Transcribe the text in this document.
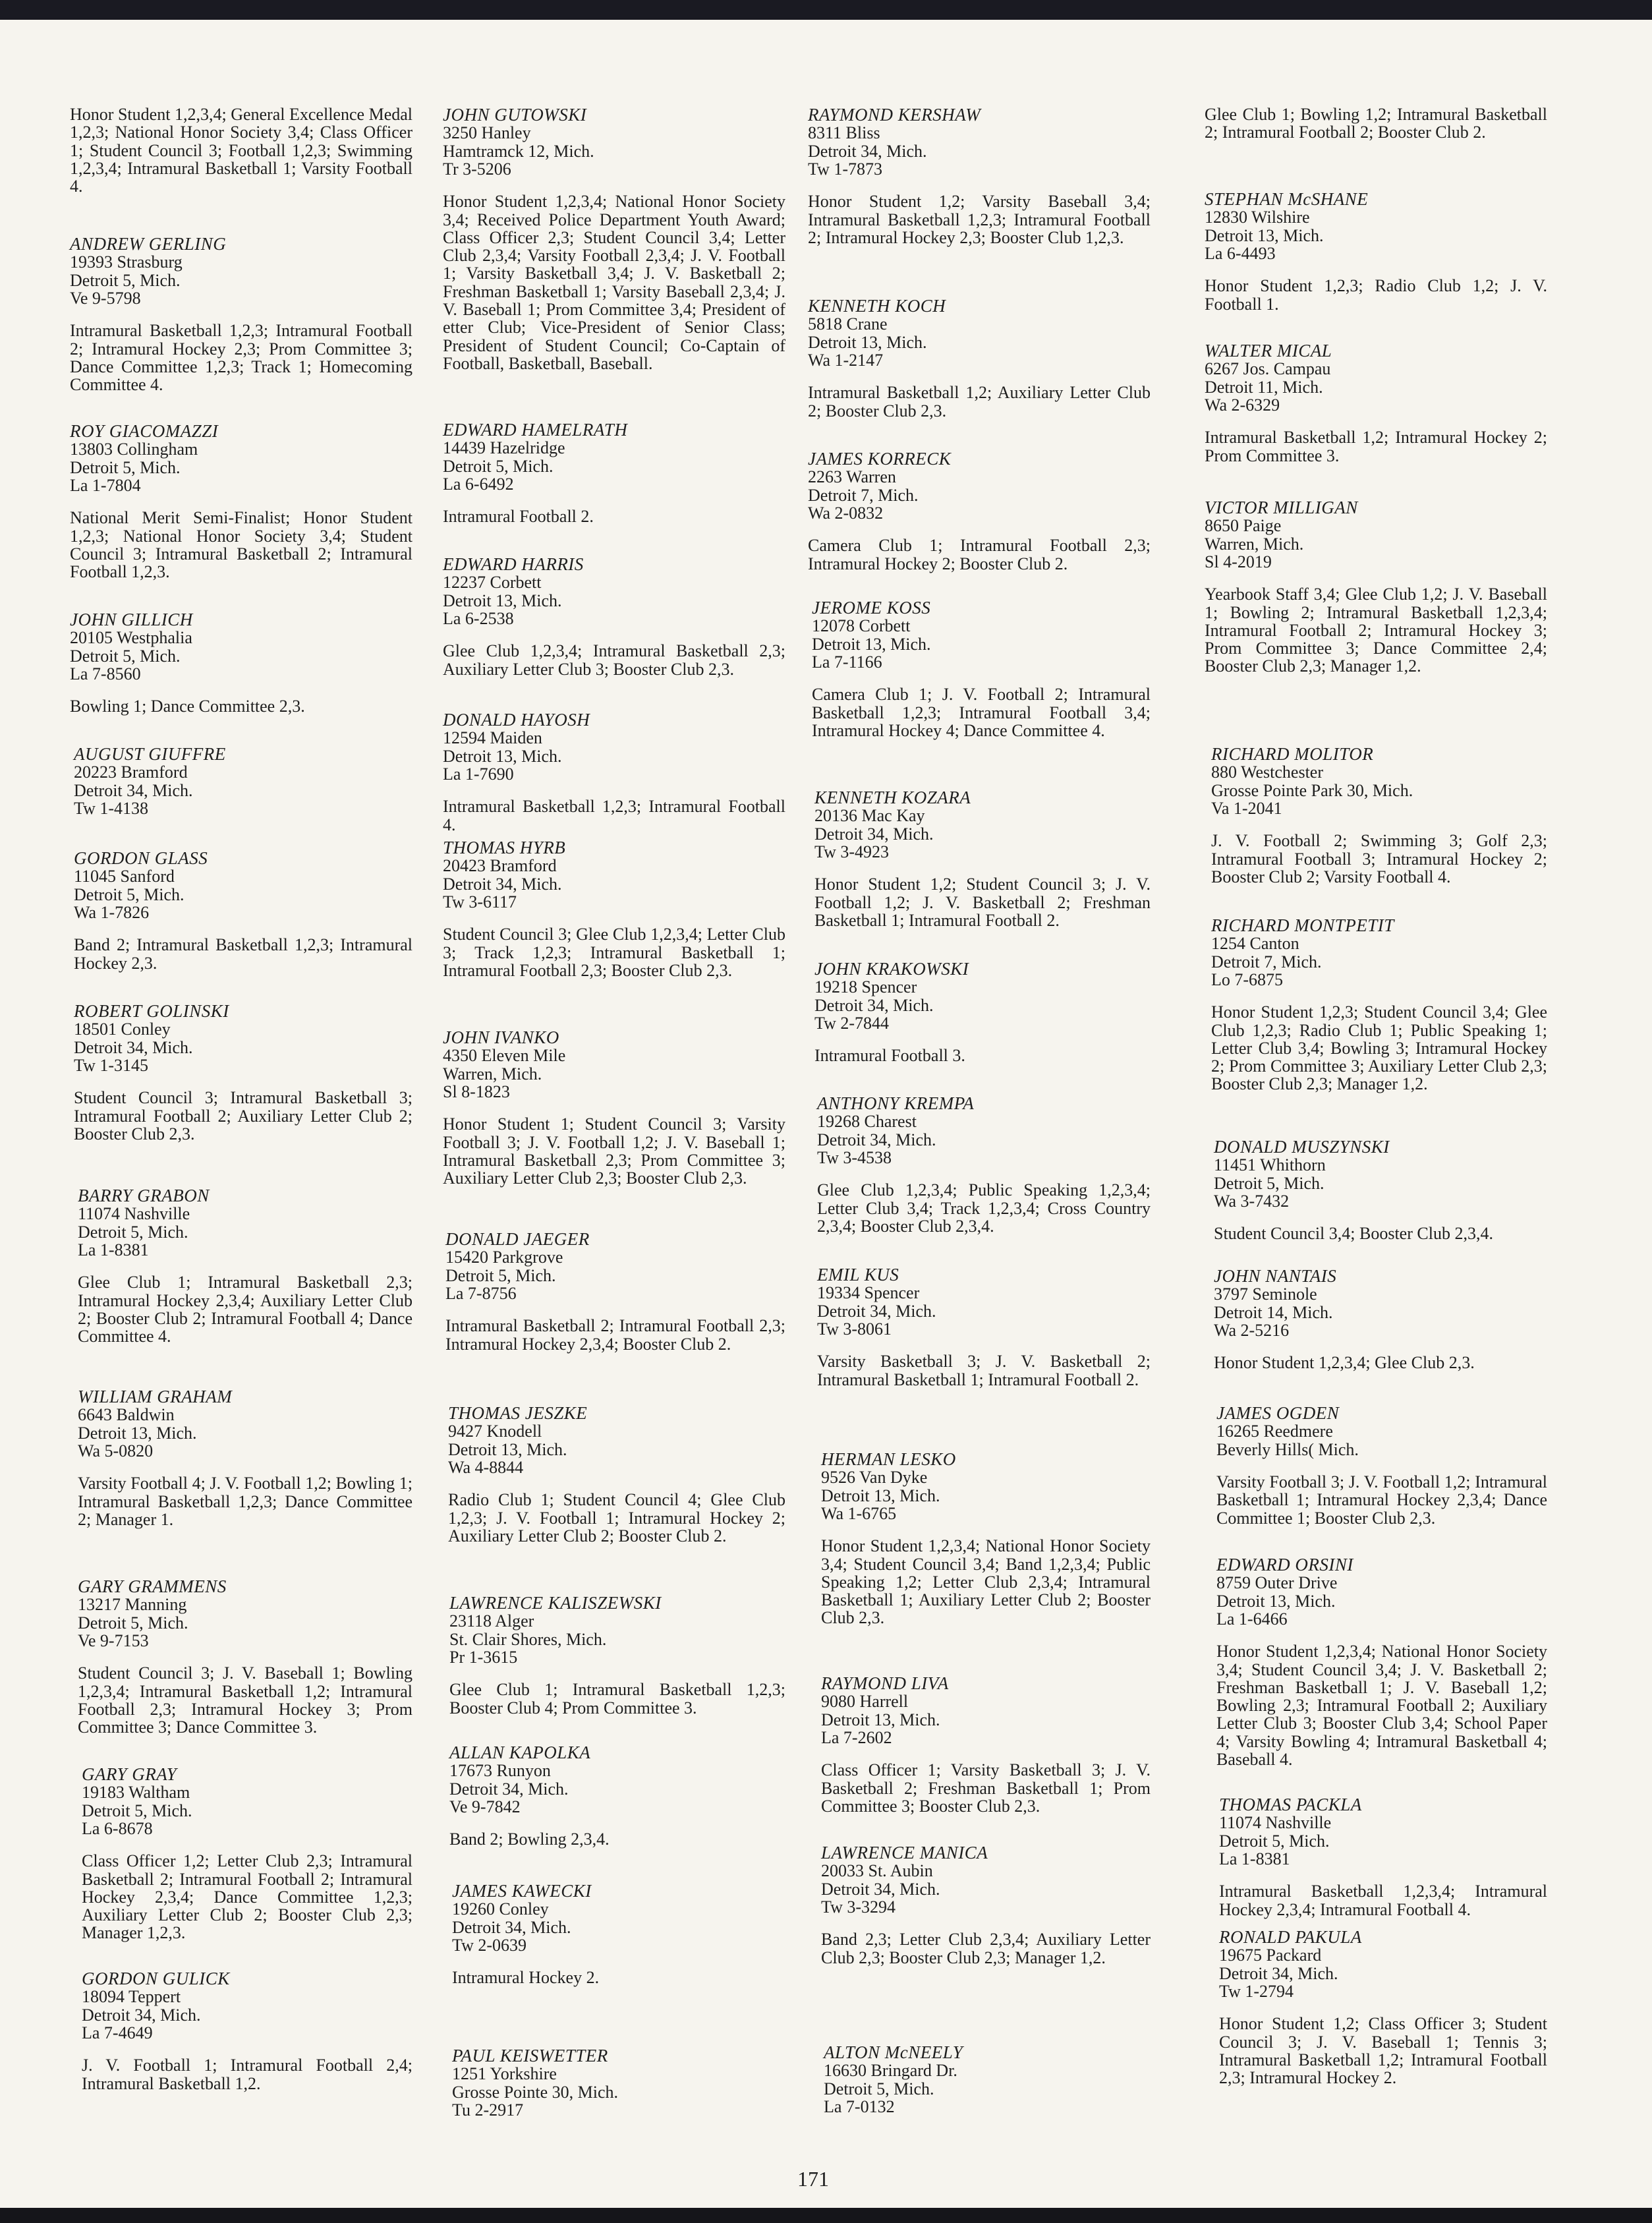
Honor Student 1,2,3,4; General Excellence Medal 1,2,3; National Honor Society 3,4; Class Officer 1; Student Council 3; Football 1,2,3; Swimming 1,2,3,4; Intramural Basketball 1; Varsity Football 4.

ANDREW GERLING

19393 Strasburg

Detroit 5, Mich.

Ve 9-5798

Intramural Basketball 1,2,3; Intramural Football 2; Intramural Hockey 2,3; Prom Committee 3; Dance Committee 1,2,3; Track 1; Homecoming Committee 4.

ROY GIACOMAZZI

13803 Collingham

Detroit 5, Mich.

La 1-7804

National Merit Semi-Finalist; Honor Student 1,2,3; National Honor Society 3,4; Student Council 3; Intramural Basketball 2; Intramural Football 1,2,3.

JOHN GILLICH

20105 Westphalia

Detroit 5, Mich.

La 7-8560

Bowling 1; Dance Committee 2,3.

AUGUST GIUFFRE

20223 Bramford

Detroit 34, Mich.

Tw 1-4138

GORDON GLASS

11045 Sanford

Detroit 5, Mich.

Wa 1-7826

Band 2; Intramural Basketball 1,2,3; Intramural Hockey 2,3.

ROBERT GOLINSKI

18501 Conley

Detroit 34, Mich.

Tw 1-3145

Student Council 3; Intramural Basketball 3; Intramural Football 2; Auxiliary Letter Club 2; Booster Club 2,3.

BARRY GRABON

11074 Nashville

Detroit 5, Mich.

La 1-8381

Glee Club 1; Intramural Basketball 2,3; Intramural Hockey 2,3,4; Auxiliary Letter Club 2; Booster Club 2; Intramural Football 4; Dance Committee 4.

WILLIAM GRAHAM

6643 Baldwin

Detroit 13, Mich.

Wa 5-0820

Varsity Football 4; J. V. Football 1,2; Bowling 1; Intramural Basketball 1,2,3; Dance Committee 2; Manager 1.

GARY GRAMMENS

13217 Manning

Detroit 5, Mich.

Ve 9-7153

Student Council 3; J. V. Baseball 1; Bowling 1,2,3,4; Intramural Basketball 1,2; Intramural Football 2,3; Intramural Hockey 3; Prom Committee 3; Dance Committee 3.

GARY GRAY

19183 Waltham

Detroit 5, Mich.

La 6-8678

Class Officer 1,2; Letter Club 2,3; Intramural Basketball 2; Intramural Football 2; Intramural Hockey 2,3,4; Dance Committee 1,2,3; Auxiliary Letter Club 2; Booster Club 2,3; Manager 1,2,3.

GORDON GULICK

18094 Teppert

Detroit 34, Mich.

La 7-4649

J. V. Football 1; Intramural Football 2,4; Intramural Basketball 1,2.

JOHN GUTOWSKI

3250 Hanley

Hamtramck 12, Mich.

Tr 3-5206

Honor Student 1,2,3,4; National Honor Society 3,4; Received Police Department Youth Award; Class Officer 2,3; Student Council 3,4; Letter Club 2,3,4; Varsity Football 2,3,4; J. V. Football 1; Varsity Basketball 3,4; J. V. Basketball 2; Freshman Basketball 1; Varsity Baseball 2,3,4; J. V. Baseball 1; Prom Committee 3,4; President of etter Club; Vice-President of Senior Class; President of Student Council; Co-Captain of Football, Basketball, Baseball.

EDWARD HAMELRATH

14439 Hazelridge

Detroit 5, Mich.

La 6-6492

Intramural Football 2.

EDWARD HARRIS

12237 Corbett

Detroit 13, Mich.

La 6-2538

Glee Club 1,2,3,4; Intramural Basketball 2,3; Auxiliary Letter Club 3; Booster Club 2,3.

DONALD HAYOSH

12594 Maiden

Detroit 13, Mich.

La 1-7690

Intramural Basketball 1,2,3; Intramural Football 4.

THOMAS HYRB

20423 Bramford

Detroit 34, Mich.

Tw 3-6117

Student Council 3; Glee Club 1,2,3,4; Letter Club 3; Track 1,2,3; Intramural Basketball 1; Intramural Football 2,3; Booster Club 2,3.

JOHN IVANKO

4350 Eleven Mile

Warren, Mich.

Sl 8-1823

Honor Student 1; Student Council 3; Varsity Football 3; J. V. Football 1,2; J. V. Baseball 1; Intramural Basketball 2,3; Prom Committee 3; Auxiliary Letter Club 2,3; Booster Club 2,3.

DONALD JAEGER

15420 Parkgrove

Detroit 5, Mich.

La 7-8756

Intramural Basketball 2; Intramural Football 2,3; Intramural Hockey 2,3,4; Booster Club 2.

THOMAS JESZKE

9427 Knodell

Detroit 13, Mich.

Wa 4-8844

Radio Club 1; Student Council 4; Glee Club 1,2,3; J. V. Football 1; Intramural Hockey 2; Auxiliary Letter Club 2; Booster Club 2.

LAWRENCE KALISZEWSKI

23118 Alger

St. Clair Shores, Mich.

Pr 1-3615

Glee Club 1; Intramural Basketball 1,2,3; Booster Club 4; Prom Committee 3.

ALLAN KAPOLKA

17673 Runyon

Detroit 34, Mich.

Ve 9-7842

Band 2; Bowling 2,3,4.

JAMES KAWECKI

19260 Conley

Detroit 34, Mich.

Tw 2-0639

Intramural Hockey 2.

PAUL KEISWETTER

1251 Yorkshire

Grosse Pointe 30, Mich.

Tu 2-2917

RAYMOND KERSHAW

8311 Bliss

Detroit 34, Mich.

Tw 1-7873

Honor Student 1,2; Varsity Baseball 3,4; Intramural Basketball 1,2,3; Intramural Football 2; Intramural Hockey 2,3; Booster Club 1,2,3.

KENNETH KOCH

5818 Crane

Detroit 13, Mich.

Wa 1-2147

Intramural Basketball 1,2; Auxiliary Letter Club 2; Booster Club 2,3.

JAMES KORRECK

2263 Warren

Detroit 7, Mich.

Wa 2-0832

Camera Club 1; Intramural Football 2,3; Intramural Hockey 2; Booster Club 2.

JEROME KOSS

12078 Corbett

Detroit 13, Mich.

La 7-1166

Camera Club 1; J. V. Football 2; Intramural Basketball 1,2,3; Intramural Football 3,4; Intramural Hockey 4; Dance Committee 4.

KENNETH KOZARA

20136 Mac Kay

Detroit 34, Mich.

Tw 3-4923

Honor Student 1,2; Student Council 3; J. V. Football 1,2; J. V. Basketball 2; Freshman Basketball 1; Intramural Football 2.

JOHN KRAKOWSKI

19218 Spencer

Detroit 34, Mich.

Tw 2-7844

Intramural Football 3.

ANTHONY KREMPA

19268 Charest

Detroit 34, Mich.

Tw 3-4538

Glee Club 1,2,3,4; Public Speaking 1,2,3,4; Letter Club 3,4; Track 1,2,3,4; Cross Country 2,3,4; Booster Club 2,3,4.

EMIL KUS

19334 Spencer

Detroit 34, Mich.

Tw 3-8061

Varsity Basketball 3; J. V. Basketball 2; Intramural Basketball 1; Intramural Football 2.

HERMAN LESKO

9526 Van Dyke

Detroit 13, Mich.

Wa 1-6765

Honor Student 1,2,3,4; National Honor Society 3,4; Student Council 3,4; Band 1,2,3,4; Public Speaking 1,2; Letter Club 2,3,4; Intramural Basketball 1; Auxiliary Letter Club 2; Booster Club 2,3.

RAYMOND LIVA

9080 Harrell

Detroit 13, Mich.

La 7-2602

Class Officer 1; Varsity Basketball 3; J. V. Basketball 2; Freshman Basketball 1; Prom Committee 3; Booster Club 2,3.

LAWRENCE MANICA

20033 St. Aubin

Detroit 34, Mich.

Tw 3-3294

Band 2,3; Letter Club 2,3,4; Auxiliary Letter Club 2,3; Booster Club 2,3; Manager 1,2.

ALTON McNEELY

16630 Bringard Dr.

Detroit 5, Mich.

La 7-0132

Glee Club 1; Bowling 1,2; Intramural Basketball 2; Intramural Football 2; Booster Club 2.

STEPHAN McSHANE

12830 Wilshire

Detroit 13, Mich.

La 6-4493

Honor Student 1,2,3; Radio Club 1,2; J. V. Football 1.

WALTER MICAL

6267 Jos. Campau

Detroit 11, Mich.

Wa 2-6329

Intramural Basketball 1,2; Intramural Hockey 2; Prom Committee 3.

VICTOR MILLIGAN

8650 Paige

Warren, Mich.

Sl 4-2019

Yearbook Staff 3,4; Glee Club 1,2; J. V. Baseball 1; Bowling 2; Intramural Basketball 1,2,3,4; Intramural Football 2; Intramural Hockey 3; Prom Committee 3; Dance Committee 2,4; Booster Club 2,3; Manager 1,2.

RICHARD MOLITOR

880 Westchester

Grosse Pointe Park 30, Mich.

Va 1-2041

J. V. Football 2; Swimming 3; Golf 2,3; Intramural Football 3; Intramural Hockey 2; Booster Club 2; Varsity Football 4.

RICHARD MONTPETIT

1254 Canton

Detroit 7, Mich.

Lo 7-6875

Honor Student 1,2,3; Student Council 3,4; Glee Club 1,2,3; Radio Club 1; Public Speaking 1; Letter Club 3,4; Bowling 3; Intramural Hockey 2; Prom Committee 3; Auxiliary Letter Club 2,3; Booster Club 2,3; Manager 1,2.

DONALD MUSZYNSKI

11451 Whithorn

Detroit 5, Mich.

Wa 3-7432

Student Council 3,4; Booster Club 2,3,4.

JOHN NANTAIS

3797 Seminole

Detroit 14, Mich.

Wa 2-5216

Honor Student 1,2,3,4; Glee Club 2,3.

JAMES OGDEN

16265 Reedmere

Beverly Hills( Mich.

Varsity Football 3; J. V. Football 1,2; Intramural Basketball 1; Intramural Hockey 2,3,4; Dance Committee 1; Booster Club 2,3.

EDWARD ORSINI

8759 Outer Drive

Detroit 13, Mich.

La 1-6466

Honor Student 1,2,3,4; National Honor Society 3,4; Student Council 3,4; J. V. Basketball 2; Freshman Basketball 1; J. V. Baseball 1,2; Bowling 2,3; Intramural Football 2; Auxiliary Letter Club 3; Booster Club 3,4; School Paper 4; Varsity Bowling 4; Intramural Basketball 4; Baseball 4.

THOMAS PACKLA

11074 Nashville

Detroit 5, Mich.

La 1-8381

Intramural Basketball 1,2,3,4; Intramural Hockey 2,3,4; Intramural Football 4.

RONALD PAKULA

19675 Packard

Detroit 34, Mich.

Tw 1-2794

Honor Student 1,2; Class Officer 3; Student Council 3; J. V. Baseball 1; Tennis 3; Intramural Basketball 1,2; Intramural Football 2,3; Intramural Hockey 2.

171
